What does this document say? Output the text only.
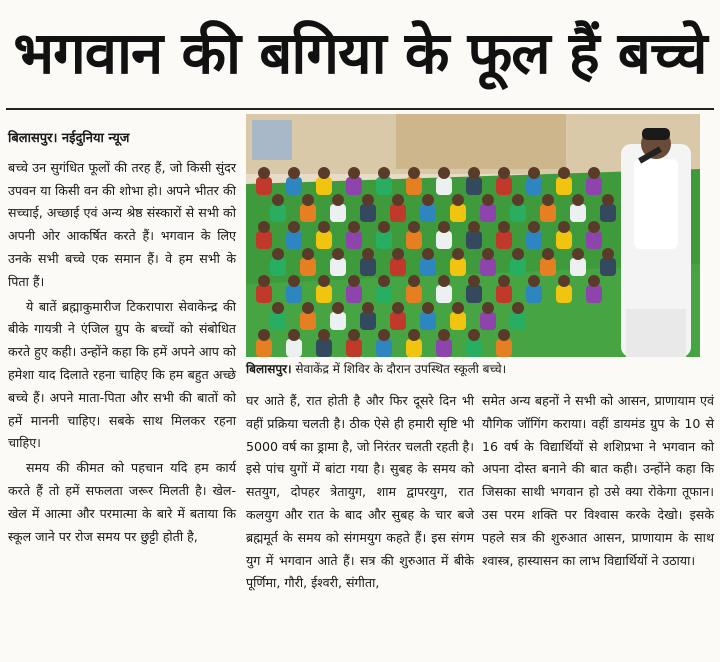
भगवान की बगिया के फूल हैं बच्चे
बिलासपुर। नईदुनिया न्यूज

बच्चे उन सुगंधित फूलों की तरह हैं, जो किसी सुंदर उपवन या किसी वन की शोभा हो। अपने भीतर की सच्चाई, अच्छाई एवं अन्य श्रेष्ठ संस्कारों से सभी को अपनी ओर आकर्षित करते हैं। भगवान के लिए उनके सभी बच्चे एक समान हैं। वे हम सभी के पिता हैं।

ये बातें ब्रह्माकुमारीज टिकरापारा सेवाकेन्द्र की बीके गायत्री ने एंजिल ग्रुप के बच्चों को संबोधित करते हुए कही। उन्होंने कहा कि हमें अपने आप को हमेशा याद दिलाते रहना चाहिए कि हम बहुत अच्छे बच्चे हैं। अपने माता-पिता और सभी की बातों को हमें माननी चाहिए। सबके साथ मिलकर रहना चाहिए।

समय की कीमत को पहचान यदि हम कार्य करते हैं तो हमें सफलता जरूर मिलती है। खेल-खेल में आत्मा और परमात्मा के बारे में बताया कि स्कूल जाने पर रोज समय पर छुट्टी होती है,

बिलासपुर। सेवाकेंद्र में शिविर के दौरान उपस्थित स्कूली बच्चे।

घर आते हैं, रात होती है और फिर दूसरे दिन भी वहीं प्रक्रिया चलती है। ठीक ऐसे ही हमारी सृष्टि भी 5000 वर्ष का ड्रामा है, जो निरंतर चलती रहती है। इसे पांच युगों में बांटा गया है। सुबह के समय को सतयुग, दोपहर त्रेतायुग, शाम द्वापरयुग, रात कलयुग और रात के बाद और सुबह के चार बजे ब्रह्ममूर्त के समय को संगमयुग कहते हैं। इस संगम युग में भगवान आते हैं। सत्र की शुरुआत में बीके पूर्णिमा, गौरी, ईश्वरी, संगीता,

समेत अन्य बहनों ने सभी को आसन, प्राणायाम एवं यौगिक जॉगिंग कराया। वहीं डायमंड ग्रुप के 10 से 16 वर्ष के विद्यार्थियों से शशिप्रभा ने भगवान को अपना दोस्त बनाने की बात कही। उन्होंने कहा कि जिसका साथी भगवान हो उसे क्या रोकेगा तूफान। उस परम शक्ति पर विश्वास करके देखो। इसके पहले सत्र की शुरुआत आसन, प्राणायाम के साथ श्वास्त्र, हास्यासन का लाभ विद्यार्थियों ने उठाया।
